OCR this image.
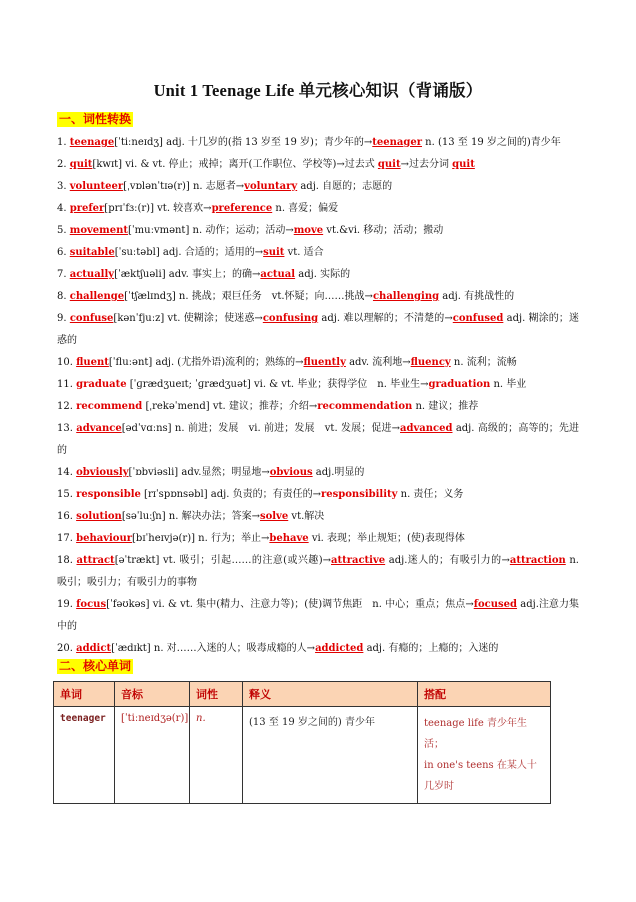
Unit 1 Teenage Life 单元核心知识（背诵版）
一、词性转换
1. teenage[ˈtiːneɪdʒ] adj. 十几岁的(指 13 岁至 19 岁)；青少年的→teenager n. (13 至 19 岁之间的)青少年
2. quit[kwɪt] vi. & vt. 停止；戒掉；离开(工作职位、学校等)→过去式 quit→过去分词 quit
3. volunteer[ˌvɒlənˈtɪə(r)] n. 志愿者→voluntary adj. 自愿的；志愿的
4. prefer[prɪˈfɜː(r)] vt. 较喜欢→preference n. 喜爱；偏爱
5. movement[ˈmuːvmənt] n. 动作；运动；活动→move vt.&vi. 移动；活动；搬动
6. suitable[ˈsuːtəbl] adj. 合适的；适用的→suit vt. 适合
7. actually[ˈæktʃuəli] adv. 事实上；的确→actual adj. 实际的
8. challenge[ˈtʃælɪndʒ] n. 挑战；艰巨任务　vt.怀疑；向……挑战→challenging adj. 有挑战性的
9. confuse[kənˈfjuːz] vt. 使糊涂；使迷惑→confusing adj. 难以理解的；不清楚的→confused adj. 糊涂的；迷惑的
10. fluent[ˈfluːənt] adj. (尤指外语)流利的；熟练的→fluently adv. 流利地→fluency n. 流利；流畅
11. graduate [ˈɡrædʒueɪt; ˈɡrædʒuət] vi. & vt. 毕业；获得学位　n. 毕业生→graduation n. 毕业
12. recommend [ˌrekəˈmend] vt. 建议；推荐；介绍→recommendation n. 建议；推荐
13. advance[ədˈvɑːns] n. 前进；发展　vi. 前进；发展　vt. 发展；促进→advanced adj. 高级的；高等的；先进的
14. obviously[ˈɒbviəsli] adv.显然；明显地→obvious adj.明显的
15. responsible [rɪˈspɒnsəbl] adj. 负责的；有责任的→responsibility n. 责任；义务
16. solution[səˈluːʃn] n. 解决办法；答案→solve vt.解决
17. behaviour[bɪˈheɪvjə(r)] n. 行为；举止→behave vi. 表现；举止规矩；(使)表现得体
18. attract[əˈtrækt] vt. 吸引；引起……的注意(或兴趣)→attractive adj.迷人的；有吸引力的→attraction n. 吸引；吸引力；有吸引力的事物
19. focus[ˈfəʊkəs] vi. & vt. 集中(精力、注意力等)；(使)调节焦距　n. 中心；重点；焦点→focused adj.注意力集中的
20. addict[ˈædɪkt] n. 对……入迷的人；吸毒成瘾的人→addicted adj. 有瘾的；上瘾的；入迷的
二、核心单词
单词	音标	词性	释义	搭配
teenager	[ˈtiːneɪdʒə(r)]	n.	(13 至 19 岁之间的) 青少年	teenage life 青少年生活；
in one's teens 在某人十几岁时
